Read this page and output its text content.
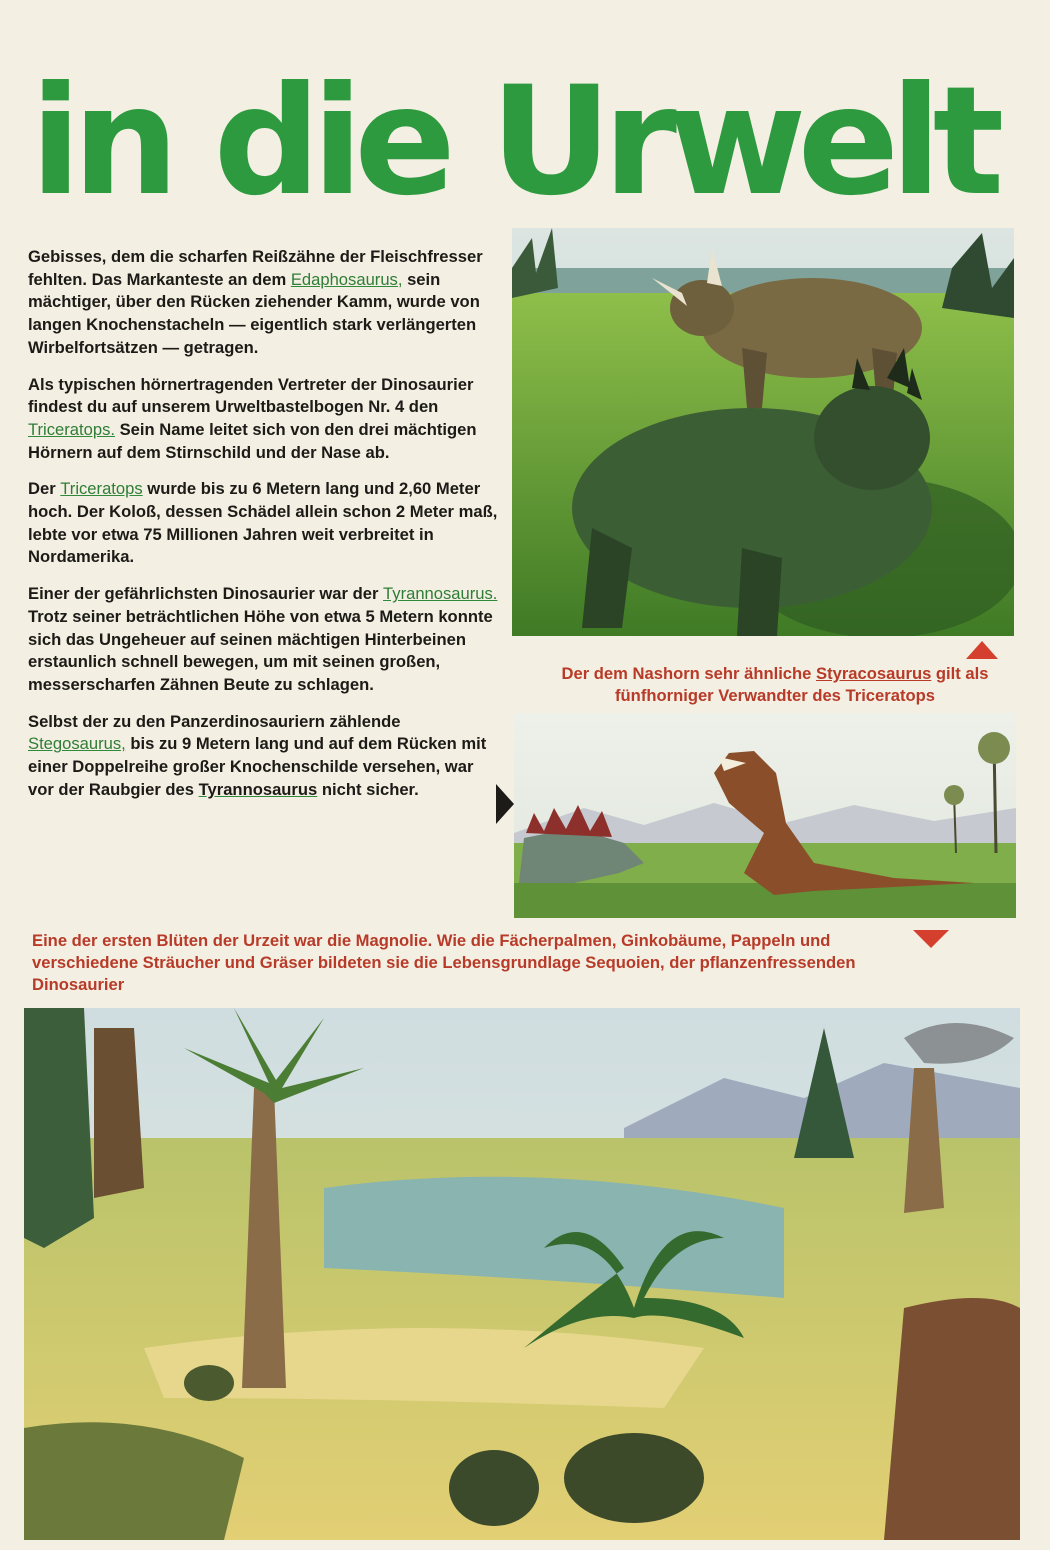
in die Urwelt

Gebisses, dem die scharfen Reißzähne der Fleischfresser fehlten. Das Markanteste an dem Edaphosaurus, sein mächtiger, über den Rücken ziehender Kamm, wurde von langen Knochenstacheln — eigentlich stark verlängerten Wirbelfortsätzen — getragen.

Als typischen hörnertragenden Vertreter der Dinosaurier findest du auf unserem Urweltbastelbogen Nr. 4 den Triceratops. Sein Name leitet sich von den drei mächtigen Hörnern auf dem Stirnschild und der Nase ab.

Der Triceratops wurde bis zu 6 Metern lang und 2,60 Meter hoch. Der Koloß, dessen Schädel allein schon 2 Meter maß, lebte vor etwa 75 Millionen Jahren weit verbreitet in Nordamerika.

Einer der gefährlichsten Dinosaurier war der Tyrannosaurus. Trotz seiner beträchtlichen Höhe von etwa 5 Metern konnte sich das Ungeheuer auf seinen mächtigen Hinterbeinen erstaunlich schnell bewegen, um mit seinen großen, messerscharfen Zähnen Beute zu schlagen.

Selbst der zu den Panzerdinosauriern zählende Stegosaurus, bis zu 9 Metern lang und auf dem Rücken mit einer Doppelreihe großer Knochenschilde versehen, war vor der Raubgier des Tyrannosaurus nicht sicher.

Der dem Nashorn sehr ähnliche Styracosaurus gilt als fünfhorniger Verwandter des Triceratops
Eine der ersten Blüten der Urzeit war die Magnolie. Wie die Fächerpalmen, Ginkobäume, Pappeln und verschiedene Sträucher und Gräser bildeten sie die Lebensgrundlage Sequoien, der pflanzenfressenden Dinosaurier
